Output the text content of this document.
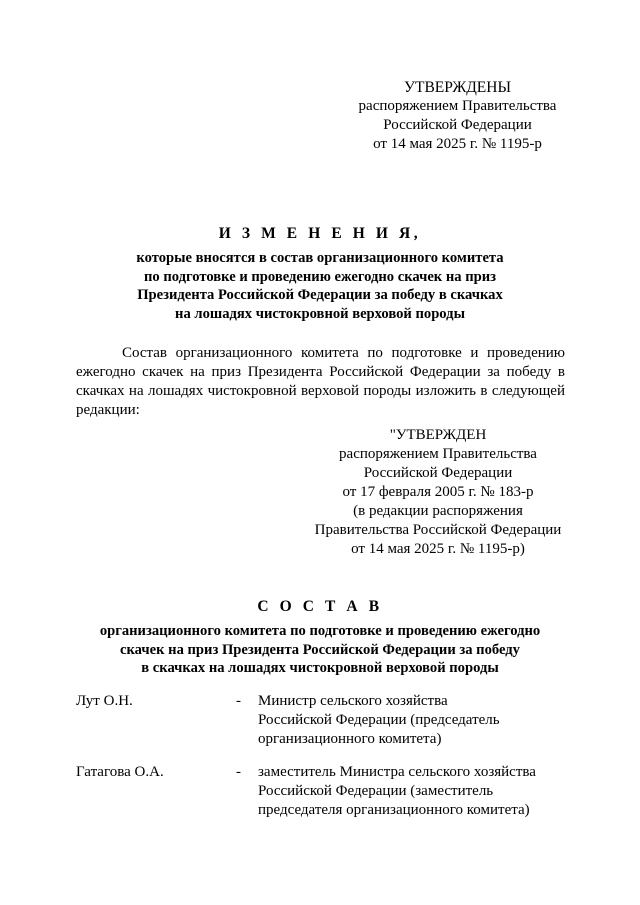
УТВЕРЖДЕНЫ
распоряжением Правительства
Российской Федерации
от 14 мая 2025 г. № 1195-р
И З М Е Н Е Н И Я,
которые вносятся в состав организационного комитета
по подготовке и проведению ежегодно скачек на приз
Президента Российской Федерации за победу в скачках
на лошадях чистокровной верховой породы
Состав организационного комитета по подготовке и проведению ежегодно скачек на приз Президента Российской Федерации за победу в скачках на лошадях чистокровной верховой породы изложить в следующей редакции:
"УТВЕРЖДЕН
распоряжением Правительства
Российской Федерации
от 17 февраля 2005 г. № 183-р
(в редакции распоряжения
Правительства Российской Федерации
от 14 мая 2025 г. № 1195-р)
С О С Т А В
организационного комитета по подготовке и проведению ежегодно
скачек на приз Президента Российской Федерации за победу
в скачках на лошадях чистокровной верховой породы
Лут О.Н.	- Министр сельского хозяйства
Российской Федерации (председатель
организационного комитета)
Гатагова О.А.	- заместитель Министра сельского хозяйства
Российской Федерации (заместитель
председателя организационного комитета)
